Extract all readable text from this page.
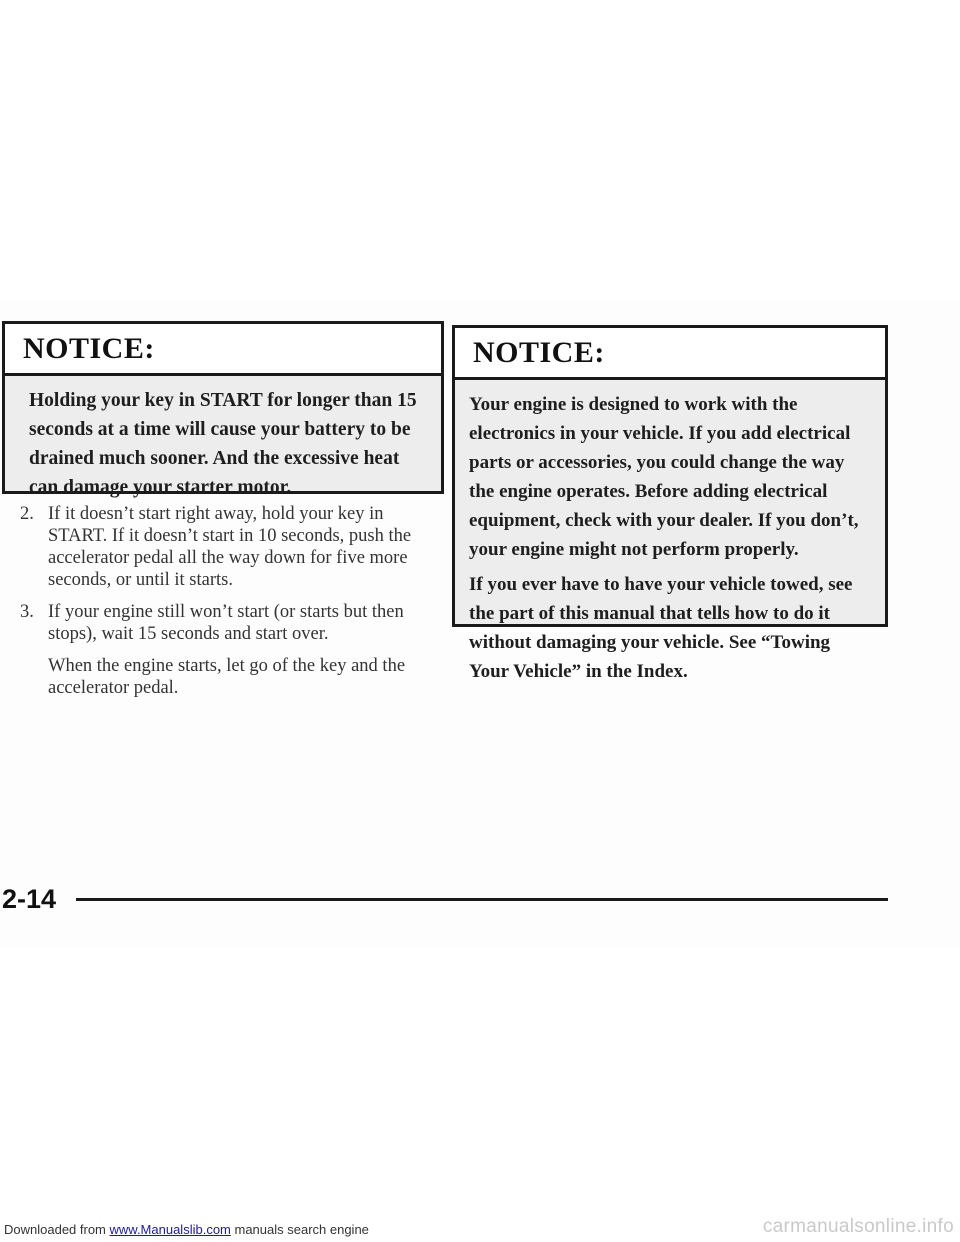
NOTICE:

Holding your key in START for longer than 15 seconds at a time will cause your battery to be drained much sooner. And the excessive heat can damage your starter motor.

2. If it doesn’t start right away, hold your key in START. If it doesn’t start in 10 seconds, push the accelerator pedal all the way down for five more seconds, or until it starts.
3. If your engine still won’t start (or starts but then stops), wait 15 seconds and start over.
When the engine starts, let go of the key and the accelerator pedal.
NOTICE:

Your engine is designed to work with the electronics in your vehicle. If you add electrical parts or accessories, you could change the way the engine operates. Before adding electrical equipment, check with your dealer. If you don’t, your engine might not perform properly.

If you ever have to have your vehicle towed, see the part of this manual that tells how to do it without damaging your vehicle. See “Towing Your Vehicle” in the Index.

2-14
Downloaded from www.Manualslib.com manuals search engine	carmanualsonline.info
